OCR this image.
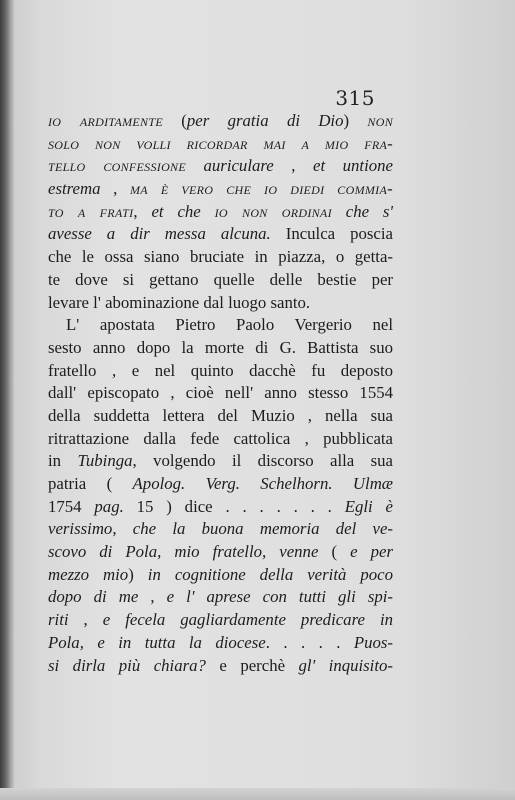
315
io arditamente (per gratia di Dio) non
solo non volli ricordar mai a mio fra-
tello confessione auriculare , et untione
estrema , ma è vero che io diedi commia-
to a frati, et che io non ordinai che s'
avesse a dir messa alcuna. Inculca poscia
che le ossa siano bruciate in piazza, o getta-
te dove si gettano quelle delle bestie per
levare l' abominazione dal luogo santo.
L' apostata Pietro Paolo Vergerio nel
sesto anno dopo la morte di G. Battista suo
fratello , e nel quinto dacchè fu deposto
dall' episcopato , cioè nell' anno stesso 1554
della suddetta lettera del Muzio , nella sua
ritrattazione dalla fede cattolica , pubblicata
in Tubinga, volgendo il discorso alla sua
patria ( Apolog. Verg. Schelhorn. Ulmæ
1754 pag. 15 ) dice . . . . . . . Egli è
verissimo, che la buona memoria del ve-
scovo di Pola, mio fratello, venne ( e per
mezzo mio) in cognitione della verità poco
dopo di me , e l' aprese con tutti gli spi-
riti , e fecela gagliardamente predicare in
Pola, e in tutta la diocese. . . . . Puos-
si dirla più chiara? e perchè gl' inquisito-
